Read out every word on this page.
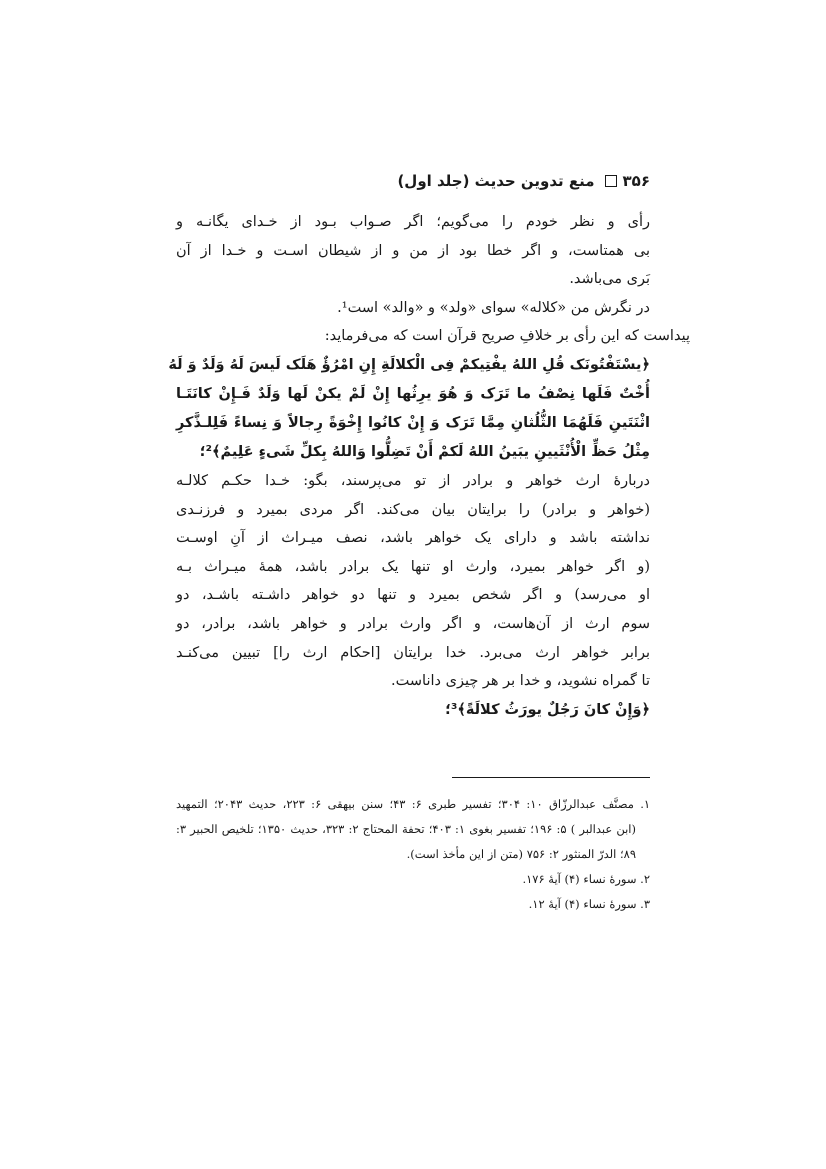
۳۵۶
منع تدوین حدیث (جلد اول)
رأی و نظر خودم را می‌گویم؛ اگر صـواب بـود از خـدای یگانـه و
بی همتاست، و اگر خطا بود از من و از شیطان اسـت و خـدا از آن
بَری می‌باشد.
در نگرش من «کلاله» سوای «ولد» و «والد» است¹.
پیداست که این رأی بر خلافِ صریح قرآن است که می‌فرماید:
﴿يسْتَفْتُونَک قُلِ اللهُ يفْتِيكمْ فِى الْكلالَةِ إِنِ امْرُؤٌ هَلَک لَيسَ لَهُ وَلَدٌ وَ لَهُ
أُخْتٌ فَلَها نِصْفُ ما تَرَک وَ هُوَ يرِثُها إِنْ لَمْ يكنْ لَها وَلَدٌ فَـإِنْ كانَتَـا
اثْنَتَينِ فَلَهُمَا الثُّلُثانِ مِمَّا تَرَک وَ إِنْ كانُوا إِخْوَةً رِجالاً وَ نِساءً فَلِلـذَّكرِ
مِثْلُ حَظِّ الْأُنْثَيينِ يبَينُ اللهُ لَكمْ أَنْ تَضِلُّوا وَاللهُ بِكلِّ شَىءٍ عَلِيمٌ﴾²؛
دربارهٔ ارث خواهر و برادر از تو می‌پرسند، بگو: خـدا حکـم کلالـه
(خواهر و برادر) را برایتان بیان می‌کند. اگر مردی بمیرد و فرزنـدی
نداشته باشد و دارای یک خواهر باشد، نصف میـراث از آنِ اوسـت
(و اگر خواهر بمیرد، وارث او تنها یک برادر باشد، همهٔ میـراث بـه
او می‌رسد) و اگر شخص بمیرد و تنها دو خواهر داشـته باشـد، دو
سوم ارث از آن‌هاست، و اگر وارث برادر و خواهر باشد، برادر، دو
برابر خواهر ارث می‌برد. خدا برایتان [احکام ارث را] تبیین می‌کنـد
تا گمراه نشوید، و خدا بر هر چیزی داناست.
﴿وَإِنْ كانَ رَجُلٌ يورَثُ كلالَةً﴾³؛
۱. مصنَّف عبدالرزّاق ۱۰: ۳۰۴؛ تفسیر طبری ۶: ۴۳؛ سنن بیهقی ۶: ۲۲۳، حدیث ۲۰۴۳؛ التمهید
(ابن عبدالبر ) ۵: ۱۹۶؛ تفسیر بغوی ۱: ۴۰۳؛ تحفة المحتاج ۲: ۳۲۳، حدیث ۱۳۵۰؛ تلخیص الحبیر ۳:
۸۹؛ الدرّ المنثور ۲: ۷۵۶ (متن از این مأخذ است).
۲. سورهٔ نساء (۴) آیهٔ ۱۷۶.
۳. سورهٔ نساء (۴) آیهٔ ۱۲.
